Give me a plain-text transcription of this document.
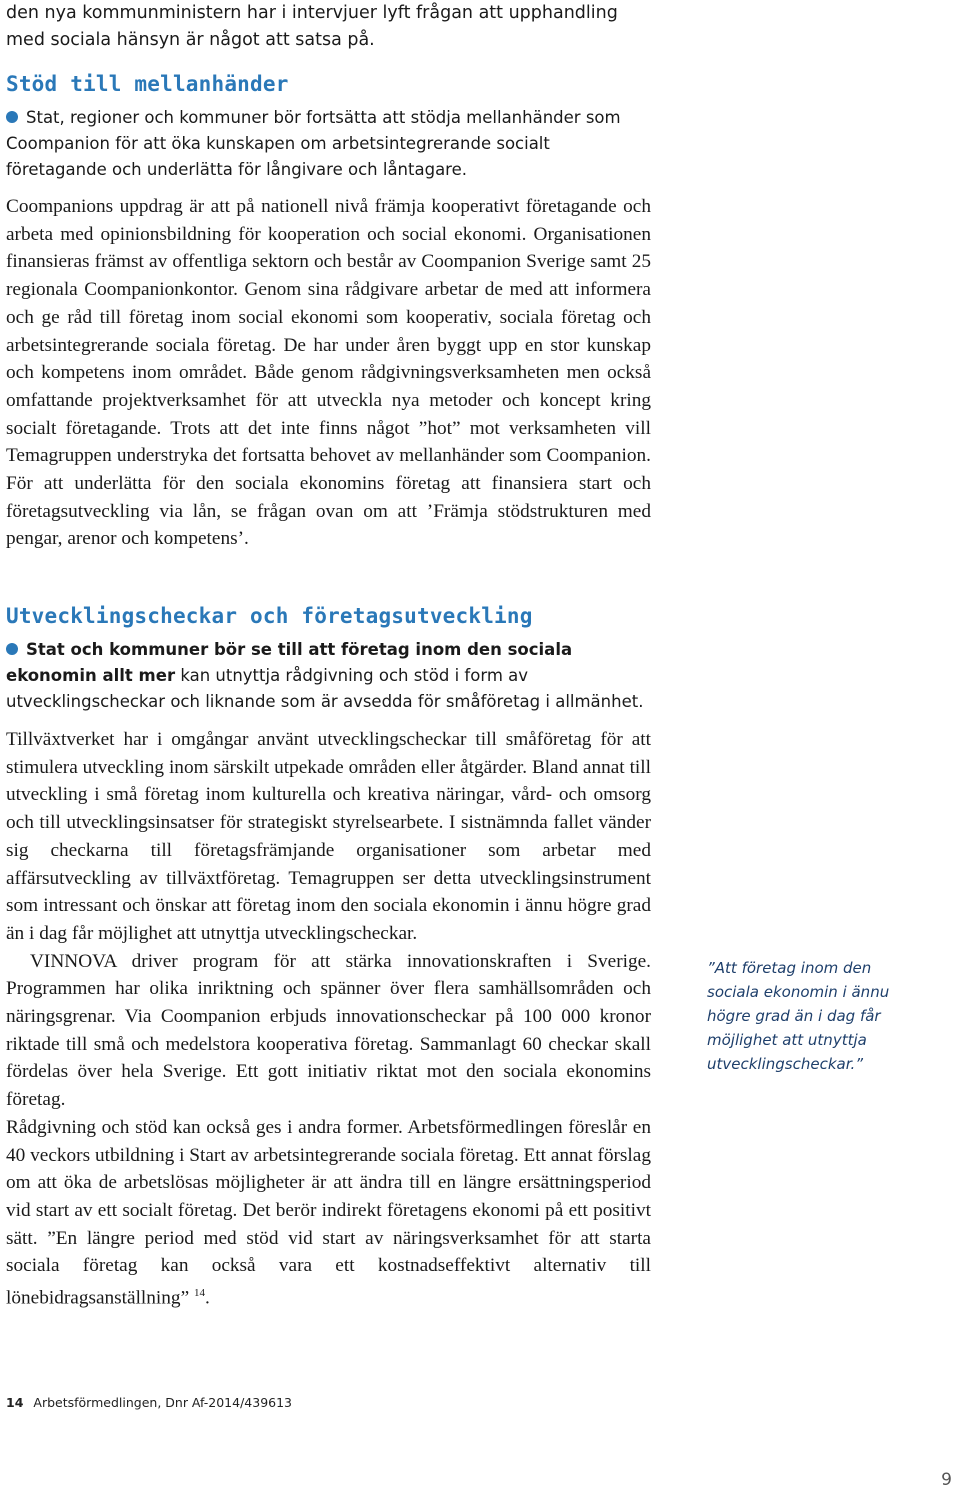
den nya kommunministern har i intervjuer lyft frågan att upphandling med sociala hänsyn är något att satsa på.

Stöd till mellanhänder

Stat, regioner och kommuner bör fortsätta att stödja mellanhänder som Coompanion för att öka kunskapen om arbetsintegrerande socialt företagande och underlätta för långivare och låntagare.

Coompanions uppdrag är att på nationell nivå främja kooperativt företagande och arbeta med opinionsbildning för kooperation och social ekonomi. Organisationen finansieras främst av offentliga sektorn och består av Coompanion Sverige samt 25 regionala Coompanionkontor. Genom sina rådgivare arbetar de med att informera och ge råd till företag inom social ekonomi som kooperativ, sociala företag och arbetsintegrerande sociala företag. De har under åren byggt upp en stor kunskap och kompetens inom området. Både genom rådgivningsverksamheten men också omfattande projektverksamhet för att utveckla nya metoder och koncept kring socialt företagande. Trots att det inte finns något ”hot” mot verksamheten vill Temagruppen understryka det fortsatta behovet av mellanhänder som Coompanion. För att underlätta för den sociala ekonomins företag att finansiera start och företagsutveckling via lån, se frågan ovan om att ’Främja stödstrukturen med pengar, arenor och kompetens’.

Utvecklingscheckar och företagsutveckling

Stat och kommuner bör se till att företag inom den sociala ekonomin allt mer kan utnyttja rådgivning och stöd i form av utvecklingscheckar och liknande som är avsedda för småföretag i allmänhet.

Tillväxtverket har i omgångar använt utvecklingscheckar till småföretag för att stimulera utveckling inom särskilt utpekade områden eller åtgärder. Bland annat till utveckling i små företag inom kulturella och kreativa näringar, vård- och omsorg och till utvecklingsinsatser för strategiskt styrelsearbete. I sistnämnda fallet vänder sig checkarna till företagsfrämjande organisationer som arbetar med affärsutveckling av tillväxtföretag. Temagruppen ser detta utvecklingsinstrument som intressant och önskar att företag inom den sociala ekonomin i ännu högre grad än i dag får möjlighet att utnyttja utvecklingscheckar.

VINNOVA driver program för att stärka innovationskraften i Sverige. Programmen har olika inriktning och spänner över flera samhällsområden och näringsgrenar. Via Coompanion erbjuds innovationscheckar på 100 000 kronor riktade till små och medelstora kooperativa företag. Sammanlagt 60 checkar skall fördelas över hela Sverige. Ett gott initiativ riktat mot den sociala ekonomins företag.

Rådgivning och stöd kan också ges i andra former. Arbetsförmedlingen föreslår en 40 veckors utbildning i Start av arbetsintegrerande sociala företag. Ett annat förslag om att öka de arbetslösas möjligheter är att ändra till en längre ersättningsperiod vid start av ett socialt företag. Det berör indirekt företagens ekonomi på ett positivt sätt. ”En längre period med stöd vid start av näringsverksamhet för att starta sociala företag kan också vara ett kostnadseffektivt alternativ till lönebidragsanställning” $^{14}$.

”Att företag inom den sociala ekonomin i ännu högre grad än i dag får möjlighet att utnyttja utvecklingscheckar.”

14 Arbetsförmedlingen, Dnr Af-2014/439613
9
